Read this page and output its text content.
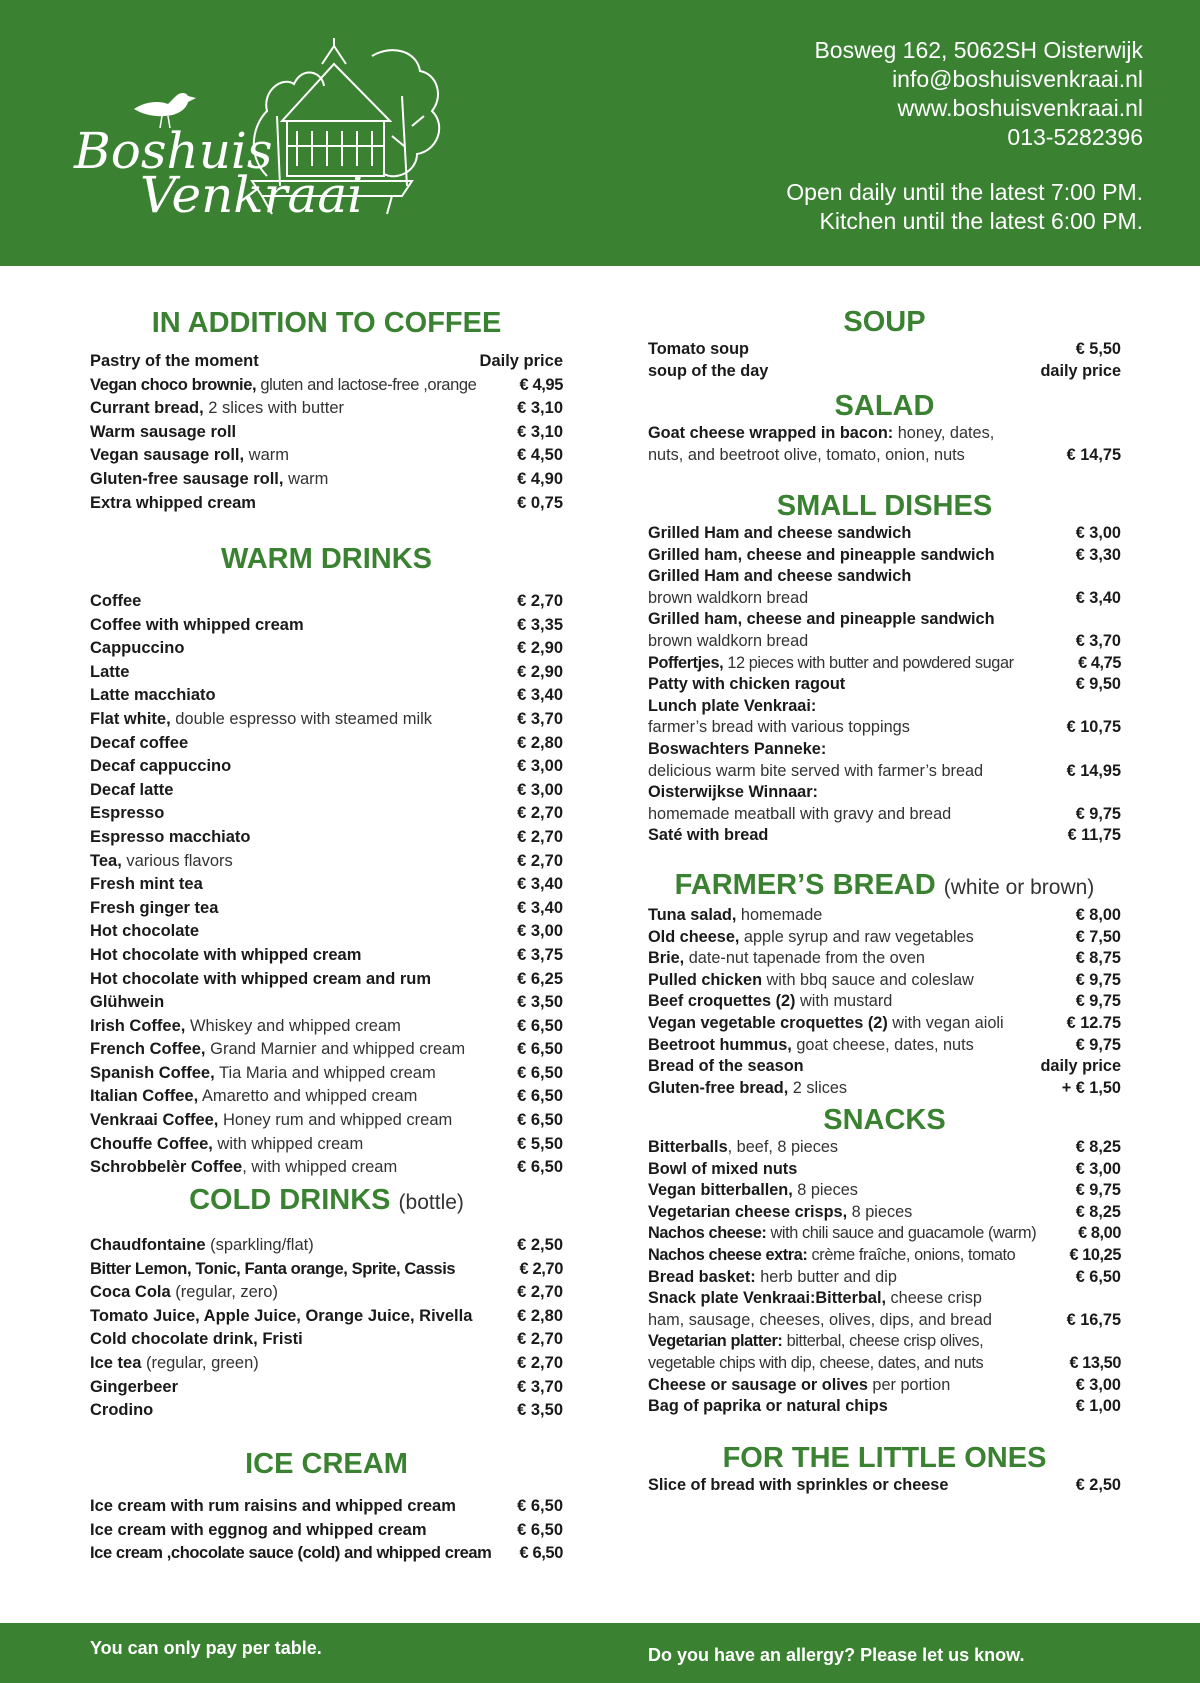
Boshuis
Venkraai
Bosweg 162, 5062SH Oisterwijk
info@boshuisvenkraai.nl
www.boshuisvenkraai.nl
013-5282396
Open daily until the latest 7:00 PM.
Kitchen until the latest 6:00 PM.
IN ADDITION TO COFFEE
Pastry of the moment	Daily price
Vegan choco brownie, gluten and lactose-free ,orange	€ 4,95
Currant bread, 2 slices with butter	€ 3,10
Warm sausage roll	€ 3,10
Vegan sausage roll, warm	€ 4,50
Gluten-free sausage roll, warm	€ 4,90
Extra whipped cream	€ 0,75
WARM DRINKS
Coffee	€ 2,70
Coffee with whipped cream	€ 3,35
Cappuccino	€ 2,90
Latte	€ 2,90
Latte macchiato	€ 3,40
Flat white, double espresso with steamed milk	€ 3,70
Decaf coffee	€ 2,80
Decaf cappuccino	€ 3,00
Decaf latte	€ 3,00
Espresso	€ 2,70
Espresso macchiato	€ 2,70
Tea, various flavors	€ 2,70
Fresh mint tea	€ 3,40
Fresh ginger tea	€ 3,40
Hot chocolate	€ 3,00
Hot chocolate with whipped cream	€ 3,75
Hot chocolate with whipped cream and rum	€ 6,25
Glühwein	€ 3,50
Irish Coffee, Whiskey and whipped cream	€ 6,50
French Coffee, Grand Marnier and whipped cream	€ 6,50
Spanish Coffee, Tia Maria and whipped cream	€ 6,50
Italian Coffee, Amaretto and whipped cream	€ 6,50
Venkraai Coffee, Honey rum and whipped cream	€ 6,50
Chouffe Coffee, with whipped cream	€ 5,50
Schrobbelèr Coffee, with whipped cream	€ 6,50
COLD DRINKS (bottle)
Chaudfontaine (sparkling/flat)	€ 2,50
Bitter Lemon, Tonic, Fanta orange, Sprite, Cassis	€ 2,70
Coca Cola (regular, zero)	€ 2,70
Tomato Juice, Apple Juice, Orange Juice, Rivella	€ 2,80
Cold chocolate drink, Fristi	€ 2,70
Ice tea (regular, green)	€ 2,70
Gingerbeer	€ 3,70
Crodino	€ 3,50
ICE CREAM
Ice cream with rum raisins and whipped cream	€ 6,50
Ice cream with eggnog and whipped cream	€ 6,50
Ice cream ,chocolate sauce (cold) and whipped cream € 6,50
SOUP
Tomato soup	€ 5,50
soup of the day	daily price
SALAD
Goat cheese wrapped in bacon: honey, dates,
nuts, and beetroot olive, tomato, onion, nuts	€ 14,75
SMALL DISHES
Grilled Ham and cheese sandwich	€ 3,00
Grilled ham, cheese and pineapple sandwich	€ 3,30
Grilled Ham and cheese sandwich
brown waldkorn bread	€ 3,40
Grilled ham, cheese and pineapple sandwich
brown waldkorn bread	€ 3,70
Poffertjes, 12 pieces with butter and powdered sugar	€ 4,75
Patty with chicken ragout	€ 9,50
Lunch plate Venkraai:
farmer’s bread with various toppings	€ 10,75
Boswachters Panneke:
delicious warm bite served with farmer’s bread	€ 14,95
Oisterwijkse Winnaar:
homemade meatball with gravy and bread	€ 9,75
Saté with bread	€ 11,75
FARMER’S BREAD (white or brown)
Tuna salad, homemade	€ 8,00
Old cheese, apple syrup and raw vegetables	€ 7,50
Brie, date-nut tapenade from the oven	€ 8,75
Pulled chicken with bbq sauce and coleslaw	€ 9,75
Beef croquettes (2) with mustard	€ 9,75
Vegan vegetable croquettes (2) with vegan aioli	€ 12.75
Beetroot hummus, goat cheese, dates, nuts	€ 9,75
Bread of the season	daily price
Gluten-free bread, 2 slices	+ € 1,50
SNACKS
Bitterballs, beef, 8 pieces	€ 8,25
Bowl of mixed nuts	€ 3,00
Vegan bitterballen, 8 pieces	€ 9,75
Vegetarian cheese crisps, 8 pieces	€ 8,25
Nachos cheese: with chili sauce and guacamole (warm)	€ 8,00
Nachos cheese extra: crème fraîche, onions, tomato	€ 10,25
Bread basket: herb butter and dip	€ 6,50
Snack plate Venkraai:Bitterbal, cheese crisp
ham, sausage, cheeses, olives, dips, and bread	€ 16,75
Vegetarian platter: bitterbal, cheese crisp olives,
vegetable chips with dip, cheese, dates, and nuts	€ 13,50
Cheese or sausage or olives per portion	€ 3,00
Bag of paprika or natural chips	€ 1,00
FOR THE LITTLE ONES
Slice of bread with sprinkles or cheese	€ 2,50
You can only pay per table.	Do you have an allergy? Please let us know.
